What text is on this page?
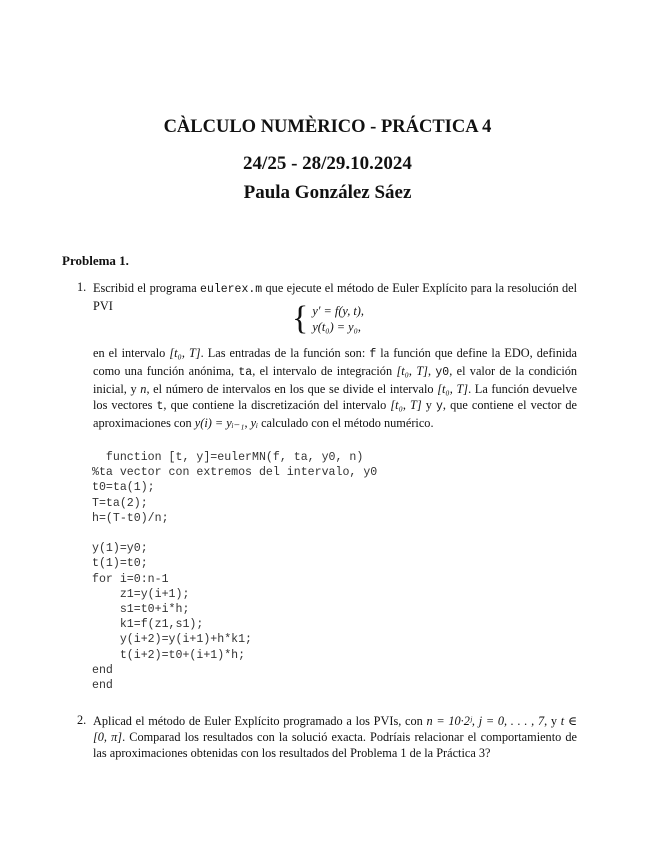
CÀLCULO NUMÈRICO - PRÁCTICA 4
24/25 - 28/29.10.2024
Paula González Sáez
Problema 1.
1. Escribid el programa eulerex.m que ejecute el método de Euler Explícito para la resolución del PVI	{ y′ = f(y, t),
y(t₀) = y₀,
en el intervalo [t₀, T]. Las entradas de la función son: f la función que define la EDO, definida como una función anónima, ta, el intervalo de integración [t₀, T], y0, el valor de la condición inicial, y n, el número de intervalos en los que se divide el intervalo [t₀, T]. La función devuelve los vectores t, que contiene la discretización del intervalo [t₀, T] y y, que contiene el vector de aproximaciones con y(i) = yᵢ₋₁, yᵢ calculado con el método numérico.
function [t, y]=eulerMN(f, ta, y0, n)
%ta vector con extremos del intervalo, y0
t0=ta(1);
T=ta(2);
h=(T-t0)/n;

y(1)=y0;
t(1)=t0;
for i=0:n-1
z1=y(i+1);
s1=t0+i*h;
k1=f(z1,s1);
y(i+2)=y(i+1)+h*k1;
t(i+2)=t0+(i+1)*h;
end
end
2. Aplicad el método de Euler Explícito programado a los PVIs, con n = 10·2ʲ, j = 0, . . . , 7, y t ∈ [0, π]. Comparad los resultados con la solució exacta. Podríais relacionar el comportamiento de las aproximaciones obtenidas con los resultados del Problema 1 de la Práctica 3?
